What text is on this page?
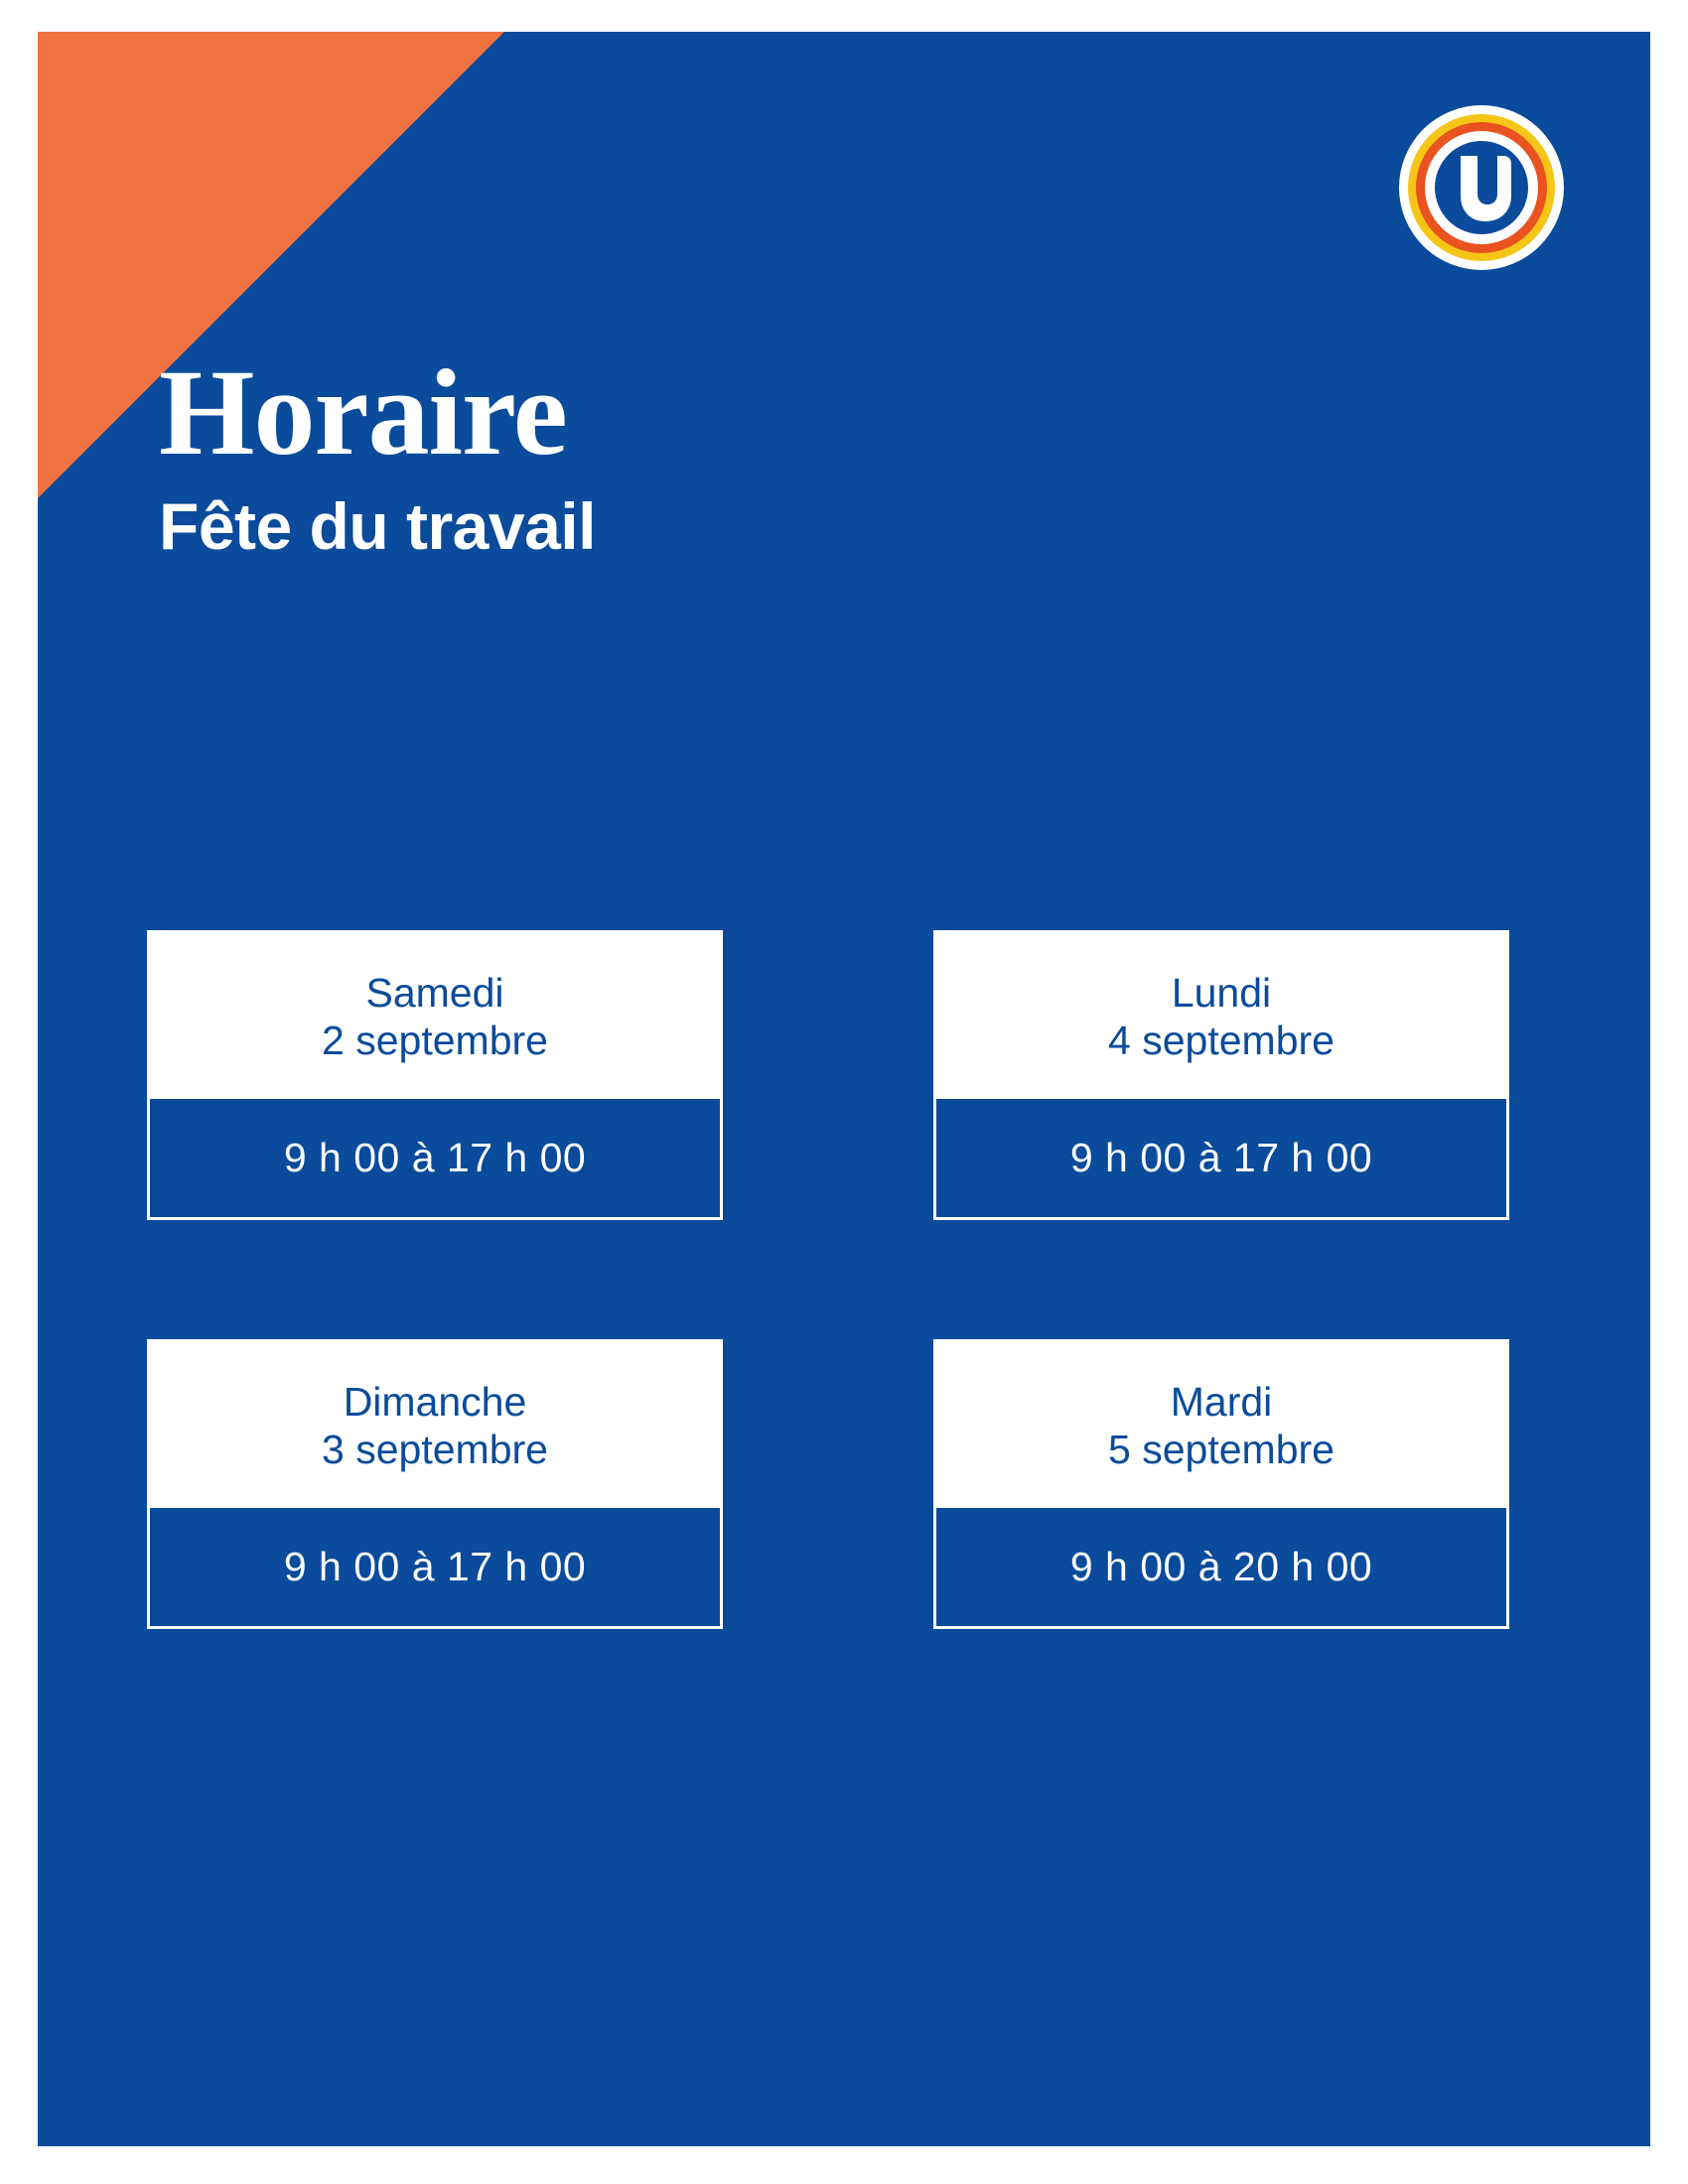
Horaire
Fête du travail
Samedi
2 septembre
9 h 00 à 17 h 00
Lundi
4 septembre
9 h 00 à 17 h 00
Dimanche
3 septembre
9 h 00 à 17 h 00
Mardi
5 septembre
9 h 00 à 20 h 00
